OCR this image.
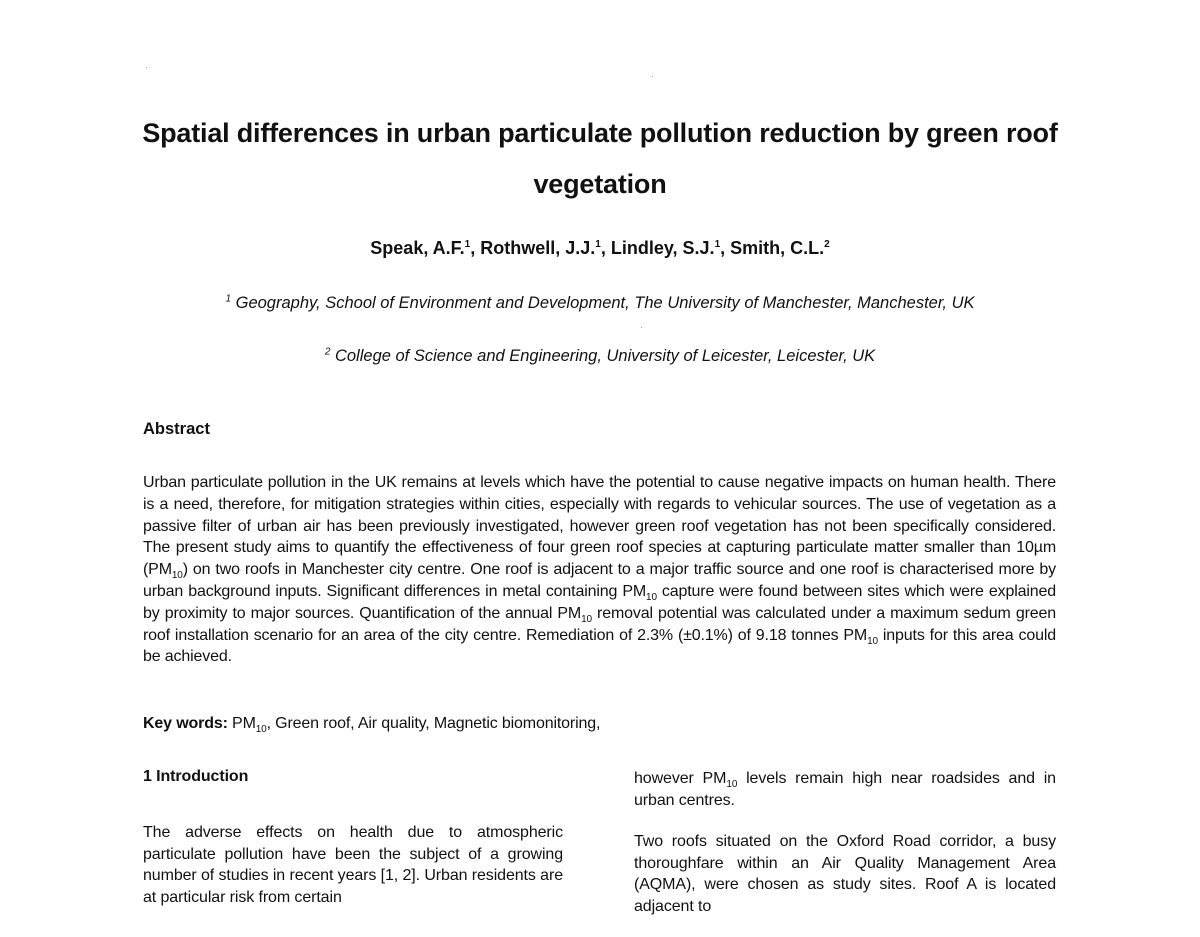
Spatial differences in urban particulate pollution reduction by green roof vegetation
Speak, A.F.$^1$, Rothwell, J.J.$^1$, Lindley, S.J.$^1$, Smith, C.L.$^2$
$^1$ Geography, School of Environment and Development, The University of Manchester, Manchester, UK
$^2$ College of Science and Engineering, University of Leicester, Leicester, UK
Abstract

Urban particulate pollution in the UK remains at levels which have the potential to cause negative impacts on human health. There is a need, therefore, for mitigation strategies within cities, especially with regards to vehicular sources. The use of vegetation as a passive filter of urban air has been previously investigated, however green roof vegetation has not been specifically considered. The present study aims to quantify the effectiveness of four green roof species at capturing particulate matter smaller than 10µm $(PM_{10})$ on two roofs in Manchester city centre. One roof is adjacent to a major traffic source and one roof is characterised more by urban background inputs. Significant differences in metal containing $PM_{10}$ capture were found between sites which were explained by proximity to major sources. Quantification of the annual $PM_{10}$ removal potential was calculated under a maximum sedum green roof installation scenario for an area of the city centre. Remediation of 2.3% (±0.1%) of 9.18 tonnes $PM_{10}$ inputs for this area could be achieved.

Key words: $PM_{10}$, Green roof, Air quality, Magnetic biomonitoring,
1 Introduction
The adverse effects on health due to atmospheric particulate pollution have been the subject of a growing number of studies in recent years [1, 2]. Urban residents are at particular risk from certain
however $PM_{10}$ levels remain high near roadsides and in urban centres.
Two roofs situated on the Oxford Road corridor, a busy thoroughfare within an Air Quality Management Area (AQMA), were chosen as study sites. Roof A is located adjacent to
